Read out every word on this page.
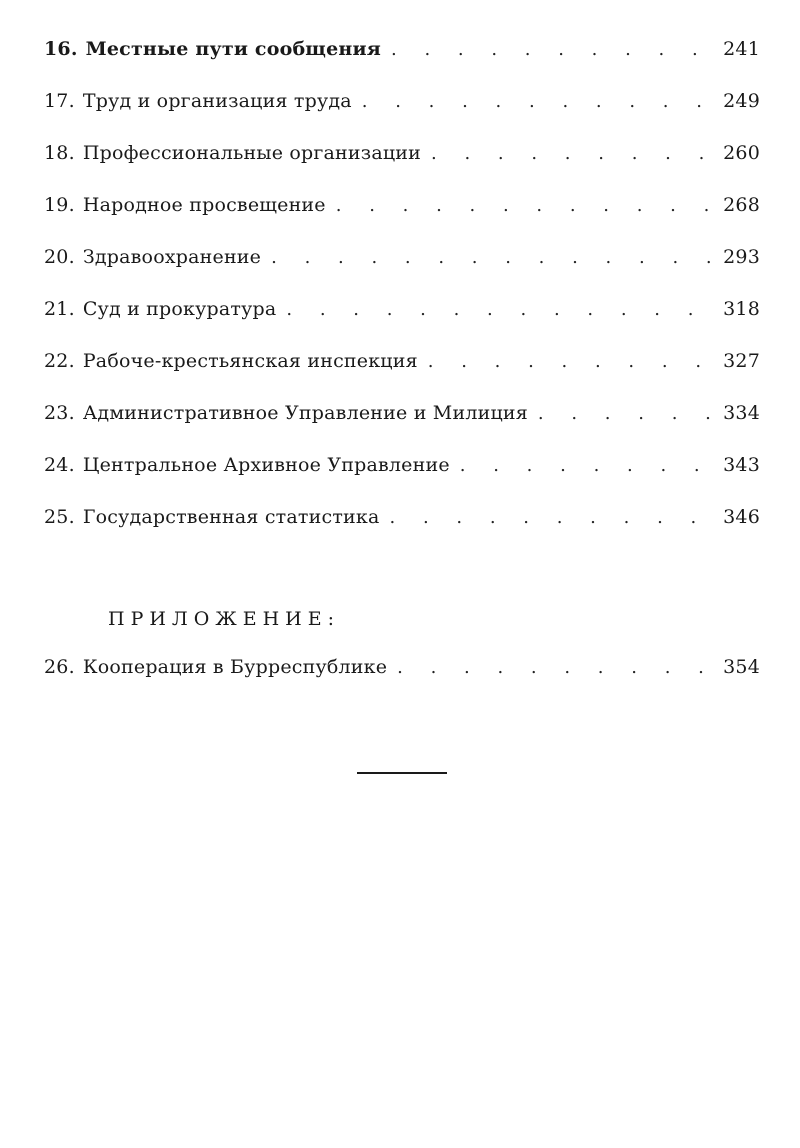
16. Местные пути сообщения . . .	241
17. Труд и организация труда . . .	249
18. Профессиональные организации . . .	260
19. Народное просвещение . . .	268
20. Здравоохранение . . .	293
21. Суд и прокуратура . . .	318
22. Рабоче-крестьянская инспекция . . .	327
23. Административное Управление и Милиция . . .	334
24. Центральное Архивное Управление . . .	343
25. Государственная статистика . . .	346
ПРИЛОЖЕНИЕ:
26. Кооперация в Бурреспублике . . .	354
